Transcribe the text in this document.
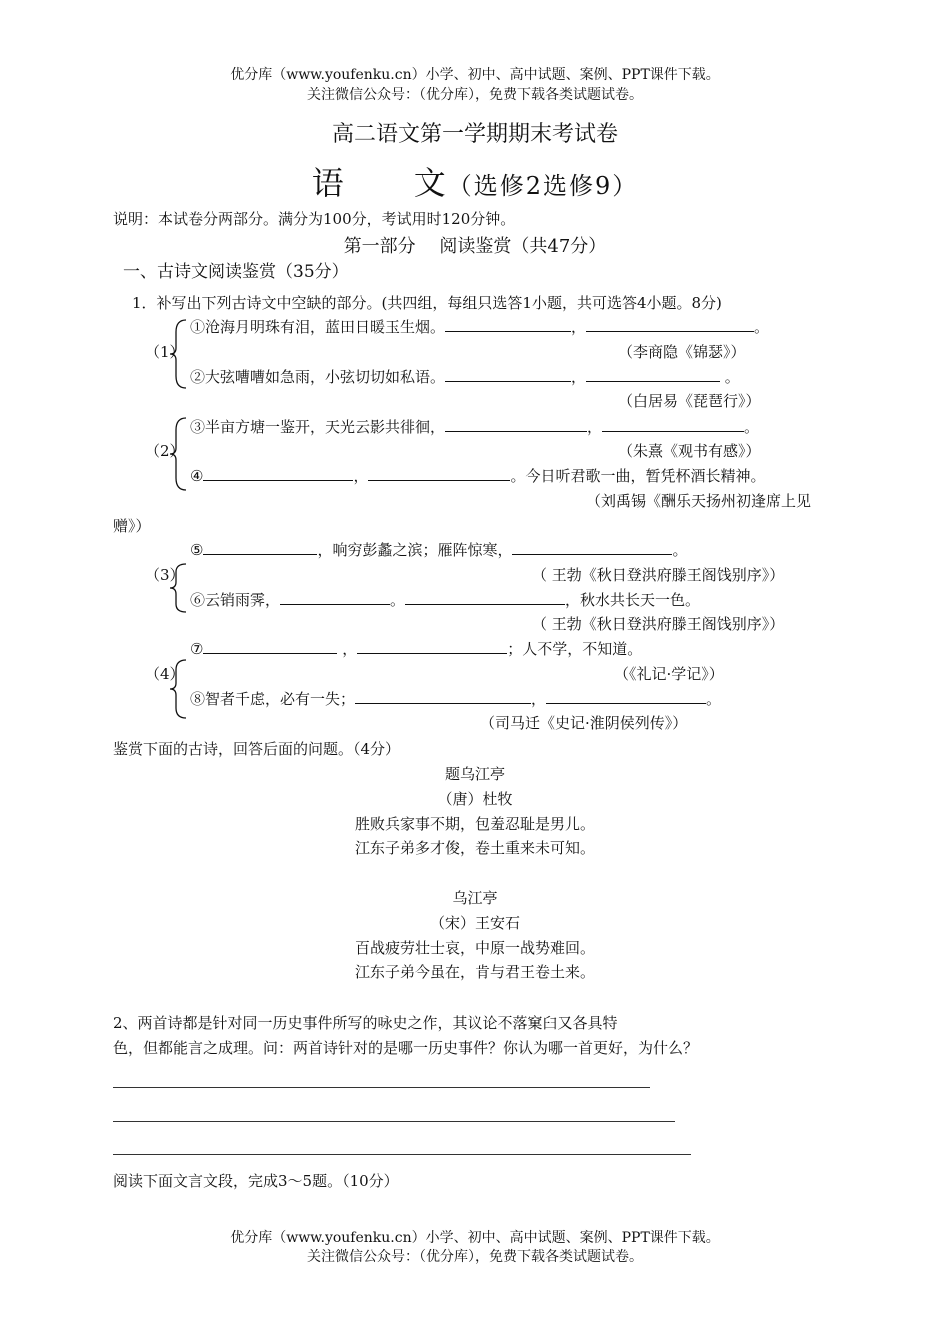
优分库（www.youfenku.cn）小学、初中、高中试题、案例、PPT课件下载。
关注微信公众号：（优分库），免费下载各类试题试卷。
高二语文第一学期期末考试卷
语　　文（选修2选修9）
说明：本试卷分两部分。满分为100分，考试用时120分钟。
第一部分　 阅读鉴赏（共47分）
一、古诗文阅读鉴赏（35分）
1．补写出下列古诗文中空缺的部分。(共四组，每组只选答1小题，共可选答4小题。8分)
（1）
①沧海月明珠有泪，蓝田日暖玉生烟。	，	。
（李商隐《锦瑟》）
②大弦嘈嘈如急雨，小弦切切如私语。	，	。
（白居易《琵琶行》）
（2）
③半亩方塘一鉴开，天光云影共徘徊，	，	。
（朱熹《观书有感》）
④	，	。今日听君歌一曲，暂凭杯酒长精神。
（刘禹锡《酬乐天扬州初逢席上见
赠》）
（3）
⑤	，响穷彭蠡之滨；雁阵惊寒，	。
（ 王勃《秋日登洪府滕王阁饯别序》）
⑥云销雨霁，	。	，秋水共长天一色。
（ 王勃《秋日登洪府滕王阁饯别序》）
（4）
⑦	，	；人不学，不知道。
（《礼记·学记》）
⑧智者千虑，必有一失；	，	。
（司马迁《史记·淮阴侯列传》）
鉴赏下面的古诗，回答后面的问题。（4分）
题乌江亭
（唐）杜牧
胜败兵家事不期，包羞忍耻是男儿。
江东子弟多才俊，卷土重来未可知。
乌江亭
（宋）王安石
百战疲劳壮士哀，中原一战势难回。
江东子弟今虽在，肯与君王卷土来。
2、两首诗都是针对同一历史事件所写的咏史之作，其议论不落窠臼又各具特
色，但都能言之成理。问：两首诗针对的是哪一历史事件？你认为哪一首更好，为什么？
阅读下面文言文段，完成3～5题。（10分）
优分库（www.youfenku.cn）小学、初中、高中试题、案例、PPT课件下载。
关注微信公众号：（优分库），免费下载各类试题试卷。
